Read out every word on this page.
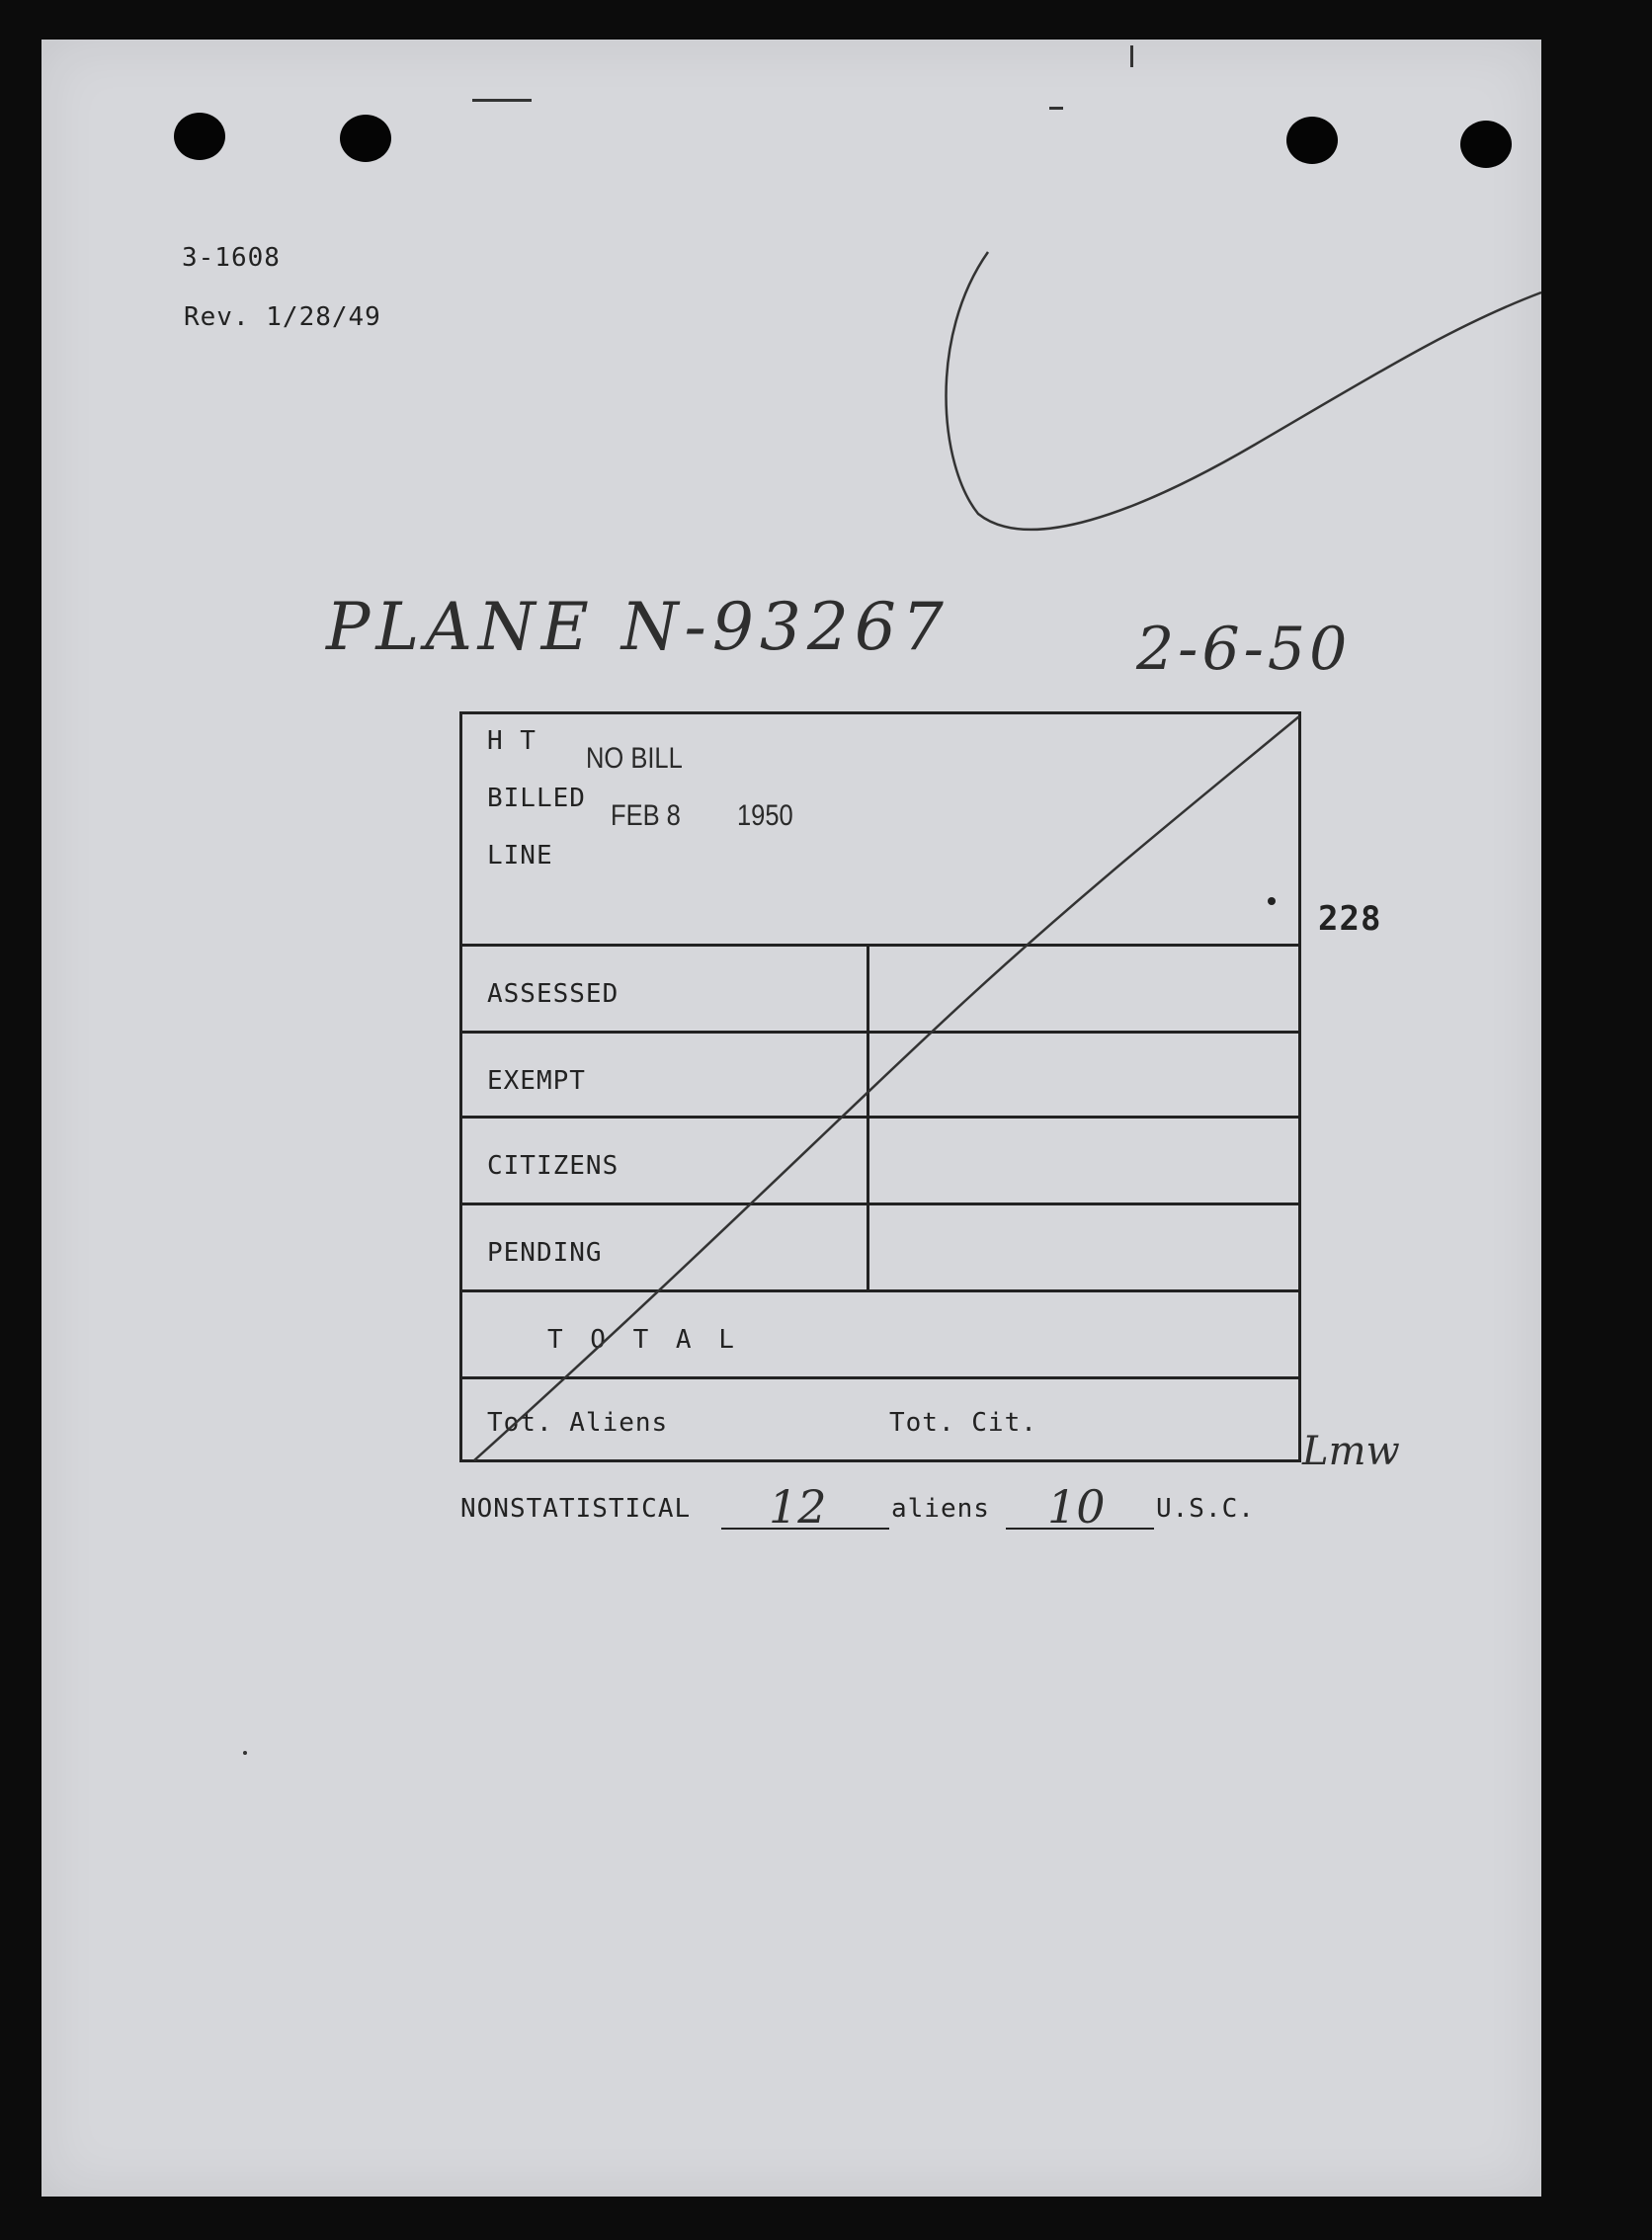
3-1608
Rev. 1/28/49
PLANE N-93267	2-6-50
228
H T
BILLED
LINE
NO BILL
FEB 8 1950
ASSESSED
EXEMPT
CITIZENS
PENDING
T O T A L
Tot. Aliens	Tot. Cit.
Lmw
NONSTATISTICAL 12	aliens 10 U.S.C.
